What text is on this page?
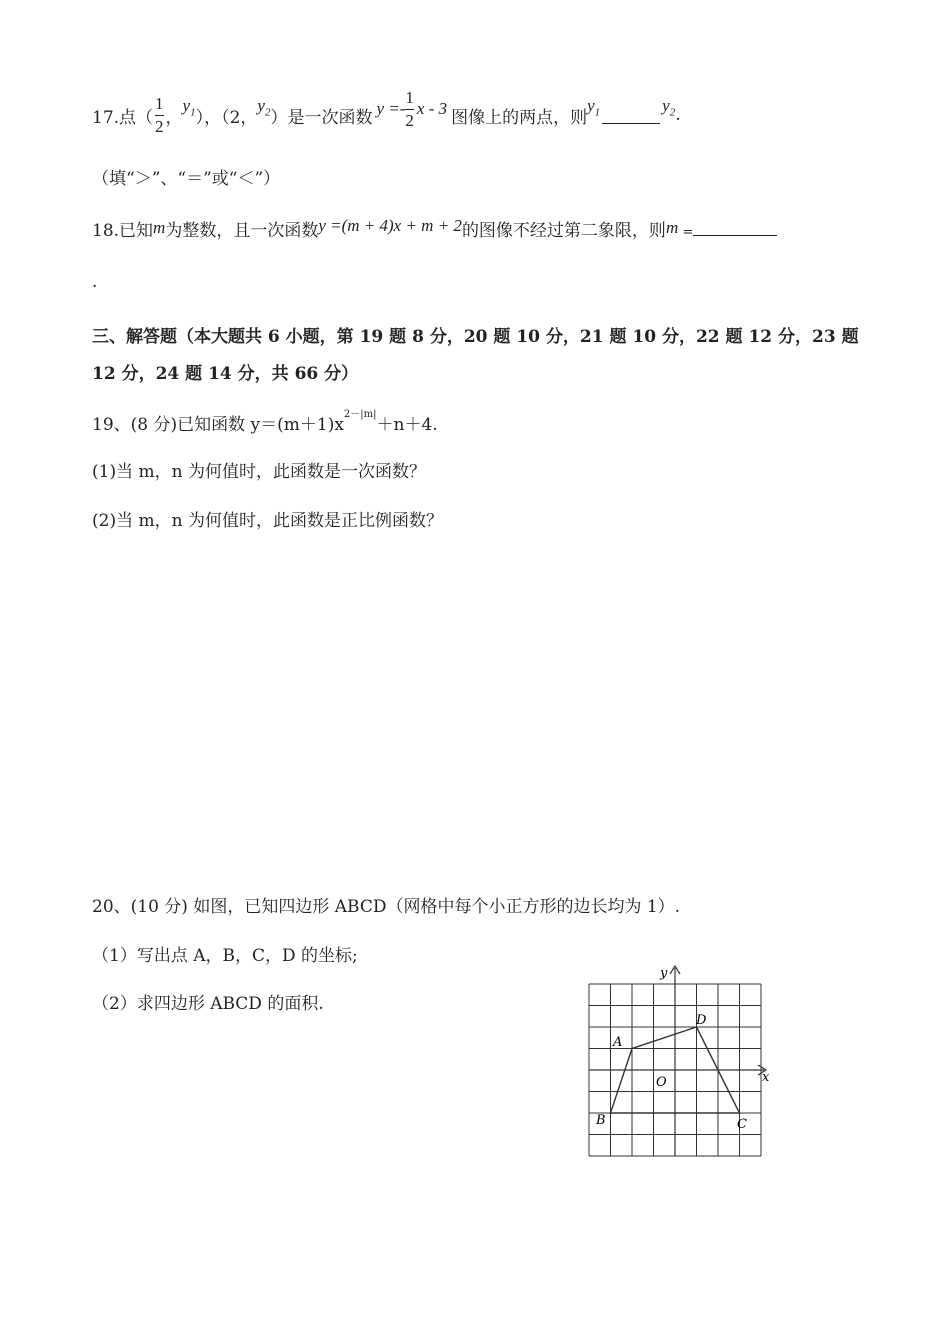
17.点（ $\frac{1}{2}$ ，
$y_1$ ），（2，
$y_2$ ）是一次函数 $y =- \frac{1}{2}$ x - 3 图像上的两点，则
$y_1$	$y_2$ .
（填“＞”、“＝”或“＜”）
18.已知m为整数，且一次函数y =(m + 4)x + m + 2的图像不经过第二象限，则m =
.
三、解答题（本大题共 6 小题，第 19 题 8 分，20 题 10 分，21 题 10 分，22 题 12 分，23 题
12 分，24 题 14 分，共 66 分）
19、(8 分)已知函数 $y=(m+1)x^{2-|m|}+n+4$.
(1)当 m，n 为何值时，此函数是一次函数？
(2)当 m，n 为何值时，此函数是正比例函数？
20、(10 分) 如图，已知四边形 ABCD（网格中每个小正方形的边长均为 1）.
（1）写出点 A，B，C，D 的坐标;
（2）求四边形 ABCD 的面积.
x
y
O
A
B	C
D
